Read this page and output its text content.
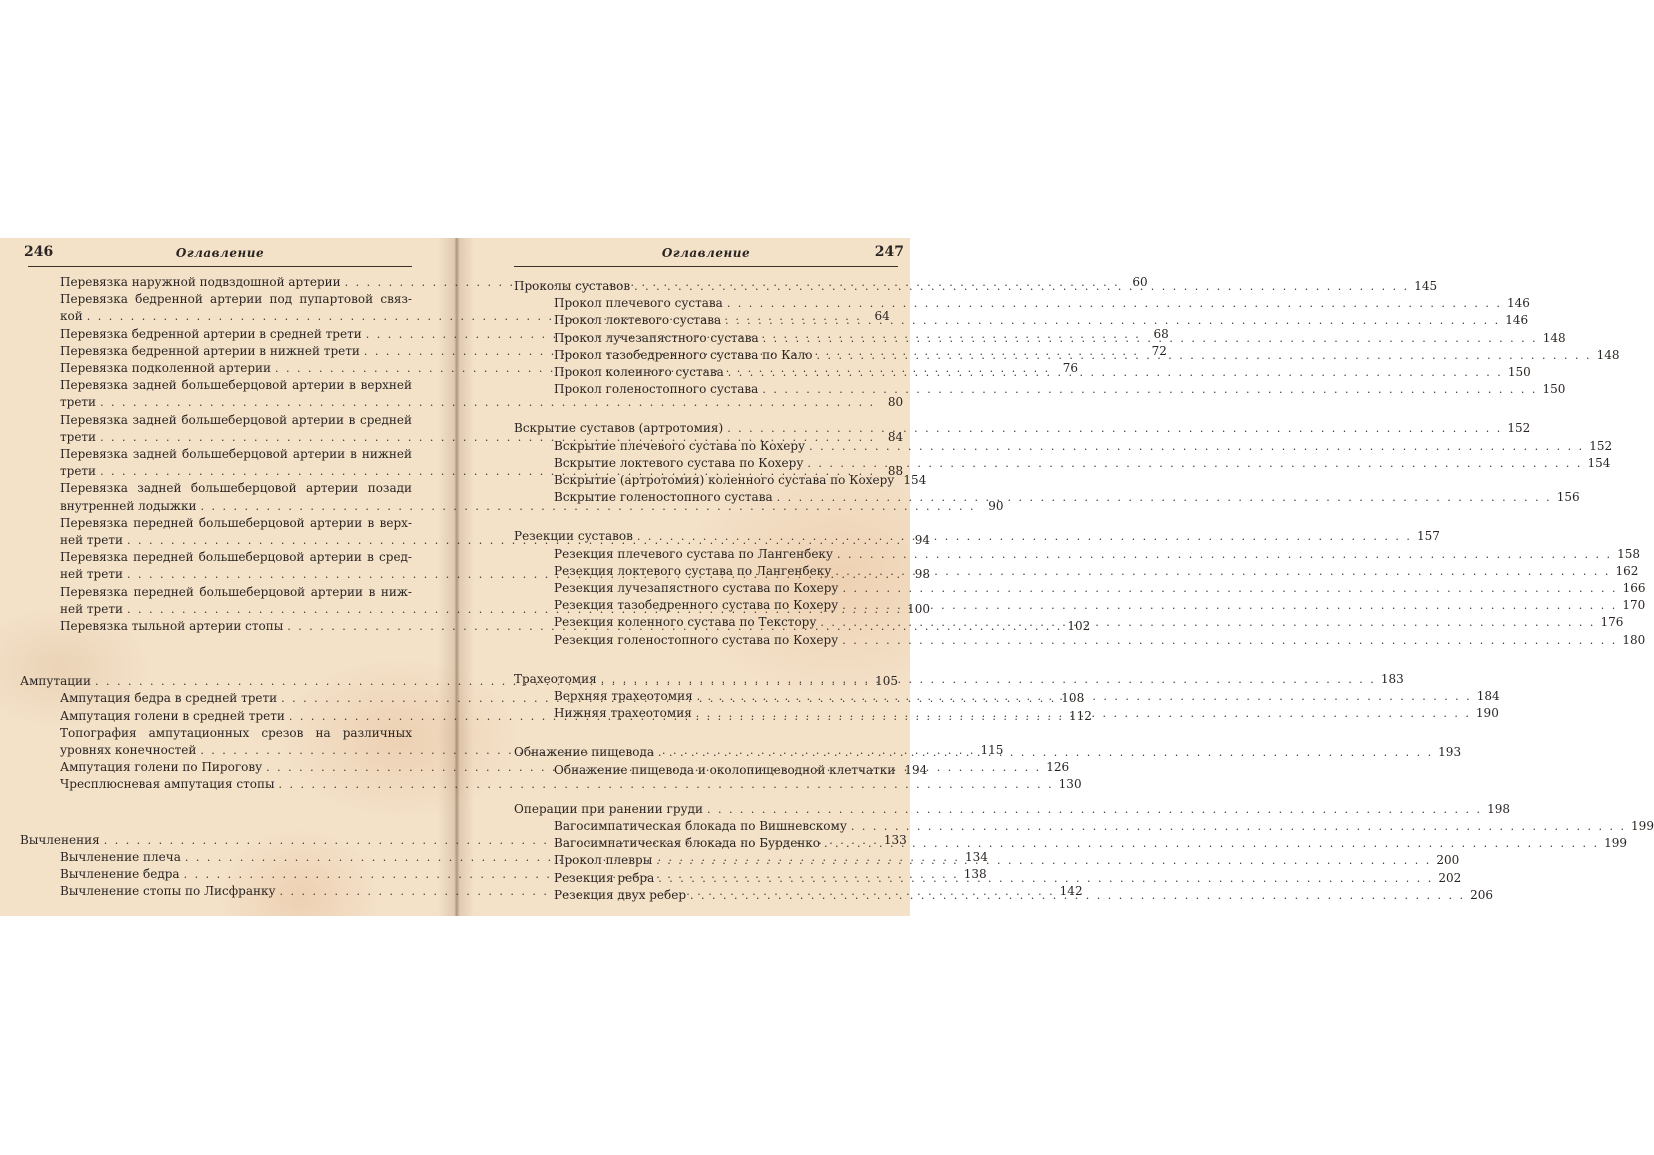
246	Оглавление
Перевязка наружной подвздошной артерии . . .	60
Перевязка бедренной артерии под пупартовой связ-
кой . . .	64
Перевязка бедренной артерии в средней трети . . .	68
Перевязка бедренной артерии в нижней трети . . .	72
Перевязка подколенной артерии . . .	76
Перевязка задней большеберцовой артерии в верхней
трети . . .	80
Перевязка задней большеберцовой артерии в средней
трети . . .	84
Перевязка задней большеберцовой артерии в нижней
трети . . .	88
Перевязка задней большеберцовой артерии позади
внутренней лодыжки . . .	90
Перевязка передней большеберцовой артерии в верх-
ней трети . . .	94
Перевязка передней большеберцовой артерии в сред-
ней трети . . .	98
Перевязка передней большеберцовой артерии в ниж-
ней трети . . .	100
Перевязка тыльной артерии стопы . . .	102
Ампутации . . .	105
Ампутация бедра в средней трети . . .	108
Ампутация голени в средней трети . . .	112
Топография ампутационных срезов на различных
уровнях конечностей . . .	115
Ампутация голени по Пирогову . . .	126
Чресплюсневая ампутация стопы . . .	130
Вычленения . . .	133
Вычленение плеча . . .	134
Вычленение бедра . . .	138
Вычленение стопы по Лисфранку . . .	142
Оглавление	247
Проколы суставов . . .	145
Прокол плечевого сустава . . .	146
Прокол локтевого сустава . . .	146
Прокол лучезапястного сустава . . .	148
Прокол тазобедренного сустава по Кало . . .	148
Прокол коленного сустава . . .	150
Прокол голеностопного сустава . . .	150
Вскрытие суставов (артротомия) . . .	152
Вскрытие плечевого сустава по Кохеру . . .	152
Вскрытие локтевого сустава по Кохеру . . .	154
Вскрытие (артротомия) коленного сустава по Кохеру 154
Вскрытие голеностопного сустава . . .	156
Резекции суставов . . .	157
Резекция плечевого сустава по Лангенбеку . . .	158
Резекция локтевого сустава по Лангенбеку . . .	162
Резекция лучезапястного сустава по Кохеру . . .	166
Резекция тазобедренного сустава по Кохеру . . .	170
Резекция коленного сустава по Текстору . . .	176
Резекция голеностопного сустава по Кохеру . . .	180
Трахеотомия . . .	183
Верхняя трахеотомия . . .	184
Нижняя трахеотомия . . .	190
Обнажение пищевода . . .	193
Обнажение пищевода и околопищеводной клетчатки 194
Операции при ранении груди . . .	198
Вагосимпатическая блокада по Вишневскому . . .	199
Вагосимпатическая блокада по Бурденко . . .	199
Прокол плевры . . .	200
Резекция ребра . . .	202
Резекция двух ребер . . .	206
